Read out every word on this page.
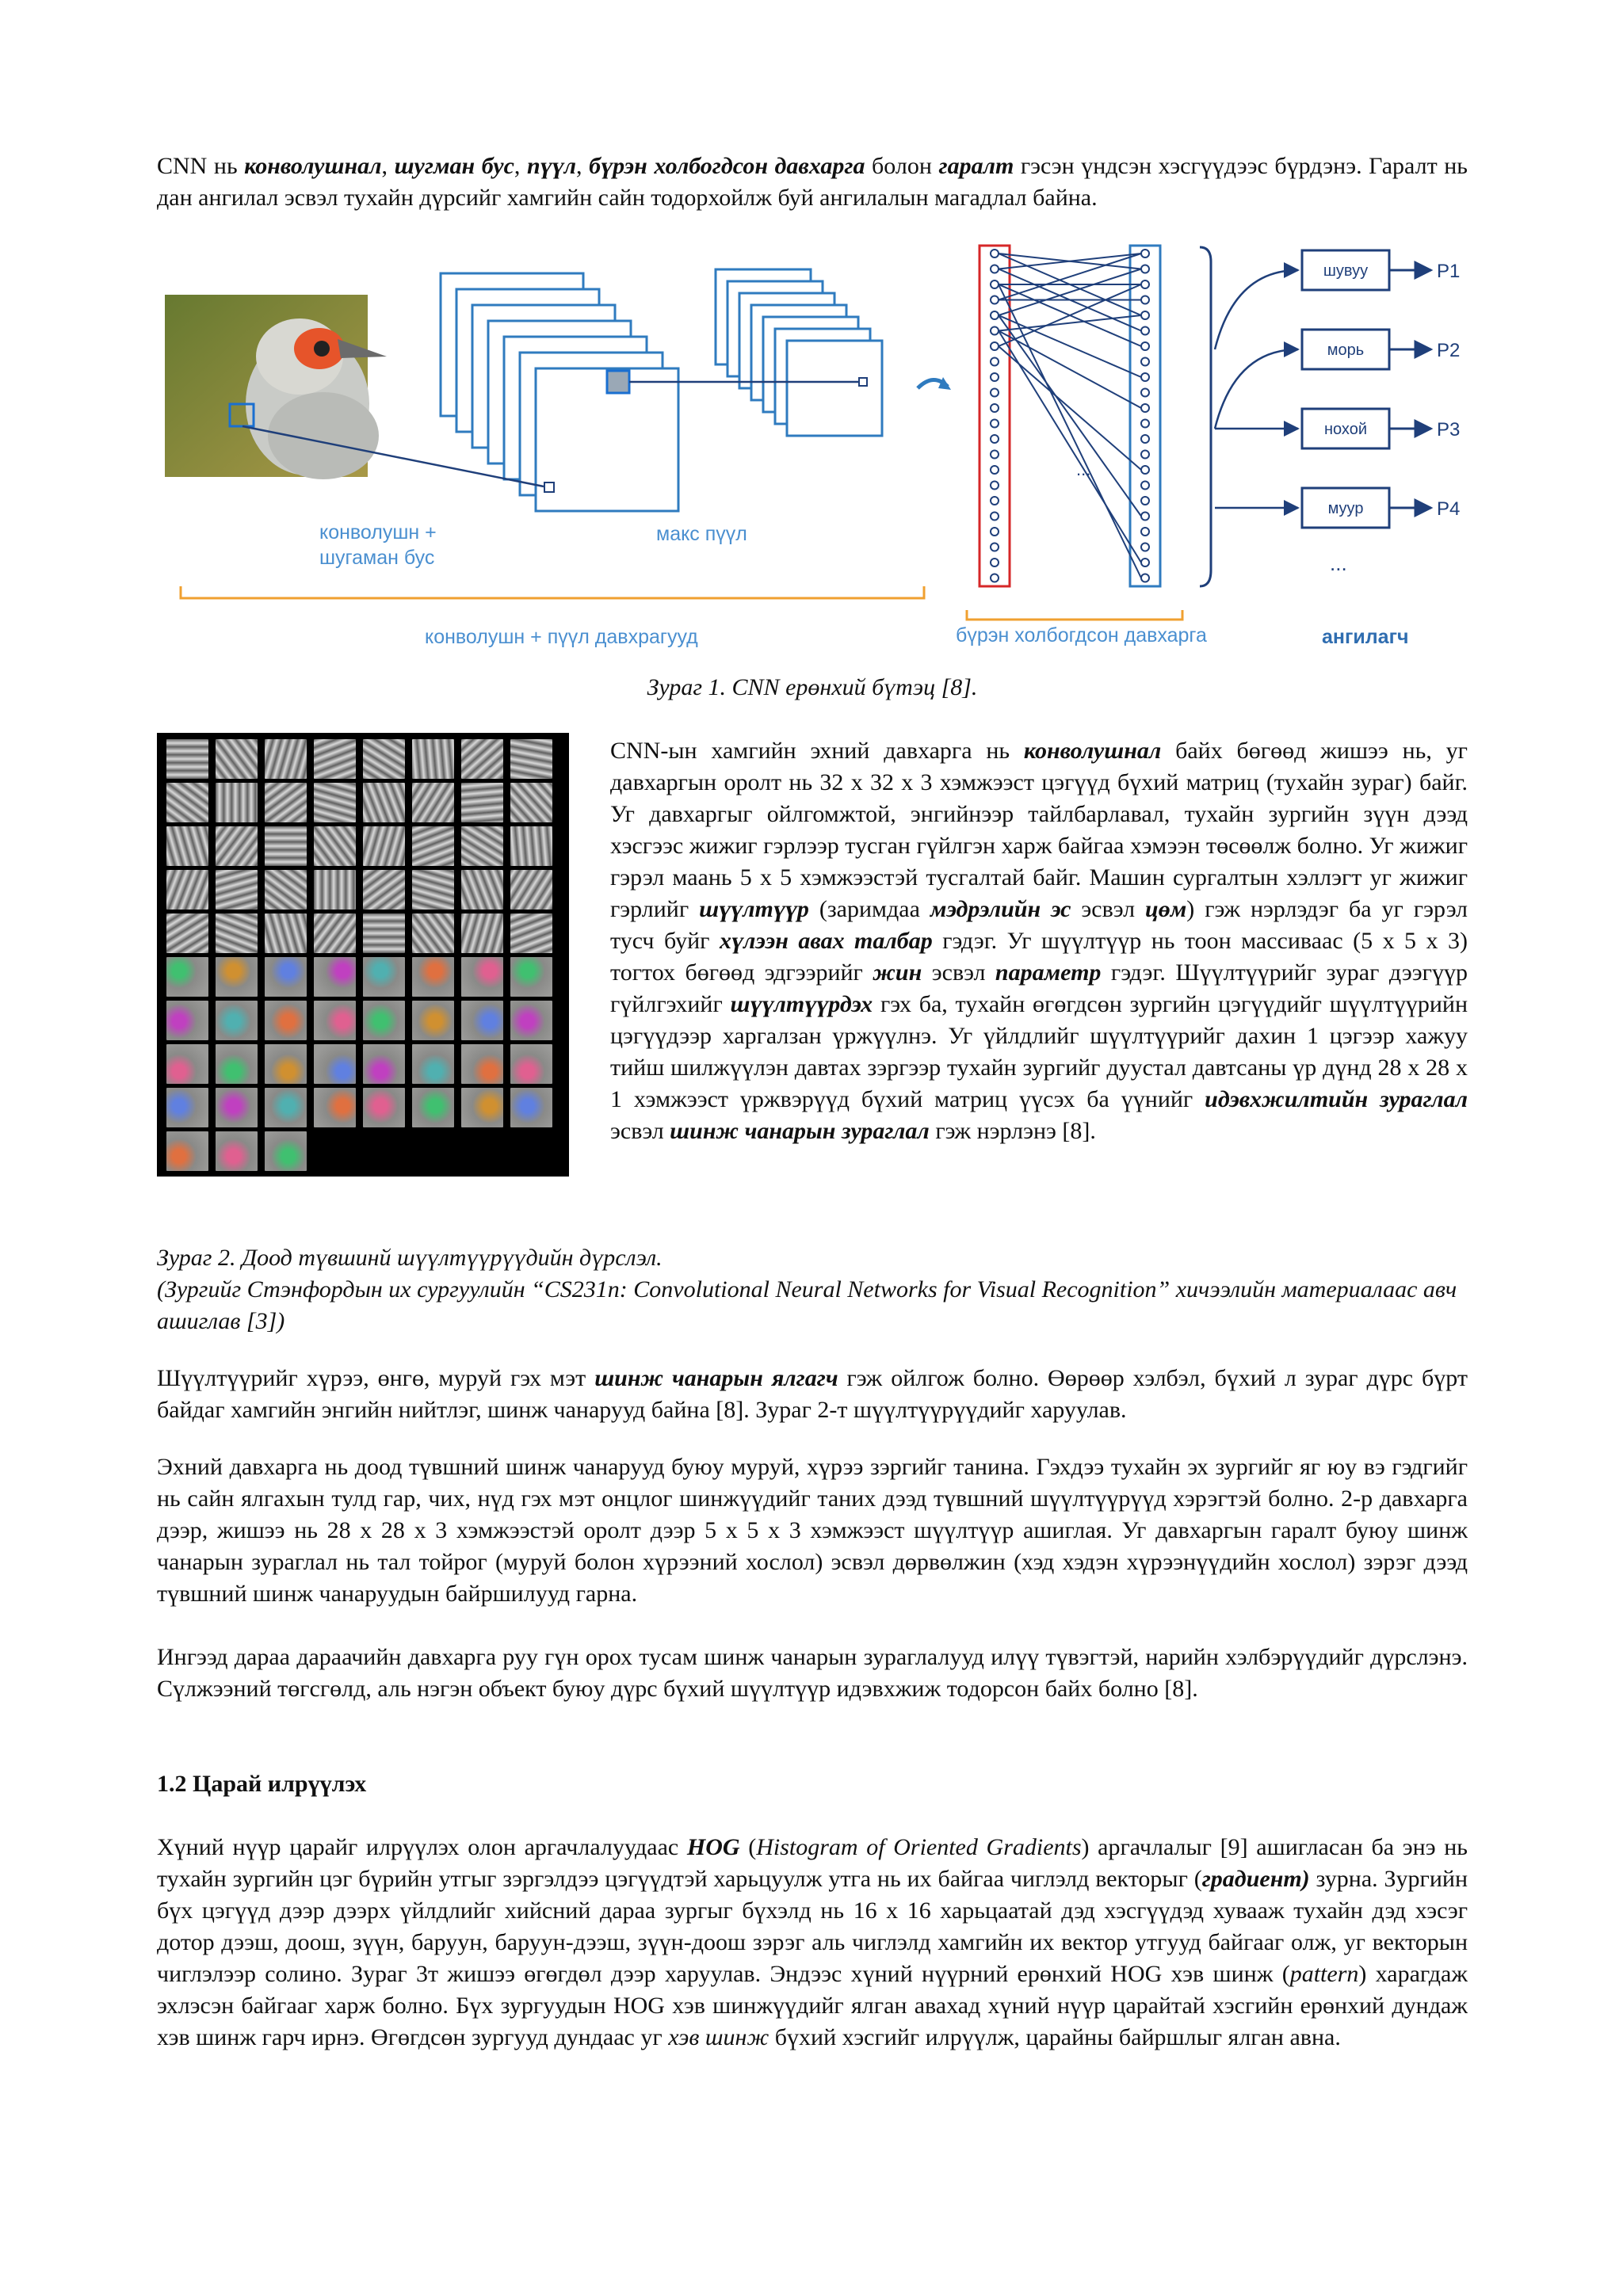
CNN нь конволушнал, шугман бус, пүүл, бүрэн холбогдсон давхарга болон гаралт гэсэн үндсэн хэсгүүдээс бүрдэнэ. Гаралт нь дан ангилал эсвэл тухайн дүрсийг хамгийн сайн тодорхойлж буй ангилалын магадлал байна.

...
шувуу
морь
нохой
муур
P1
P2
P3
P4
...
конволушн +
шугаман бус
макс пүүл
конволушн + пүүл давхрагууд	бүрэн холбогдсон давхарга	ангилагч

Зураг 1. CNN ерөнхий бүтэц [8].

CNN-ын хамгийн эхний давхарга нь конволушнал байх бөгөөд жишээ нь, уг давхаргын оролт нь 32 x 32 x 3 хэмжээст цэгүүд бүхий матриц (тухайн зураг) байг. Уг давхаргыг ойлгомжтой, энгийнээр тайлбарлавал, тухайн зургийн зүүн дээд хэсгээс жижиг гэрлээр тусган гүйлгэн харж байгаа хэмээн төсөөлж болно. Уг жижиг гэрэл маань 5 x 5 хэмжээстэй тусгалтай байг. Машин сургалтын хэллэгт уг жижиг гэрлийг шүүлтүүр (заримдаа мэдрэлийн эс эсвэл цөм) гэж нэрлэдэг ба уг гэрэл тусч буйг хүлээн авах талбар гэдэг. Уг шүүлтүүр нь тоон массиваас (5 x 5 x 3) тогтох бөгөөд эдгээрийг жин эсвэл параметр гэдэг. Шүүлтүүрийг зураг дээгүүр гүйлгэхийг шүүлтүүрдэх гэх ба, тухайн өгөгдсөн зургийн цэгүүдийг шүүлтүүрийн цэгүүдээр харгалзан үржүүлнэ. Уг үйлдлийг шүүлтүүрийг дахин 1 цэгээр хажуу тийш шилжүүлэн давтах зэргээр тухайн зургийг дуустал давтсаны үр дүнд 28 x 28 x 1 хэмжээст үржвэрүүд бүхий матриц үүсэх ба үүнийг идэвхжилтийн зураглал эсвэл шинж чанарын зураглал гэж нэрлэнэ [8].

Зураг 2. Доод түвшинй шүүлтүүрүүдийн дүрслэл.

(Зургийг Стэнфордын их сургуулийн “CS231n: Convolutional Neural Networks for Visual Recognition” хичээлийн материалаас авч ашиглав [3])

Шүүлтүүрийг хүрээ, өнгө, муруй гэх мэт шинж чанарын ялгагч гэж ойлгож болно. Өөрөөр хэлбэл, бүхий л зураг дүрс бүрт байдаг хамгийн энгийн нийтлэг, шинж чанарууд байна [8]. Зураг 2-т шүүлтүүрүүдийг харуулав.

Эхний давхарга нь доод түвшний шинж чанарууд буюу муруй, хүрээ зэргийг танина. Гэхдээ тухайн эх зургийг яг юу вэ гэдгийг нь сайн ялгахын тулд гар, чих, нүд гэх мэт онцлог шинжүүдийг таних дээд түвшний шүүлтүүрүүд хэрэгтэй болно. 2-р давхарга дээр, жишээ нь 28 x 28 x 3 хэмжээстэй оролт дээр 5 x 5 x 3 хэмжээст шүүлтүүр ашиглая. Уг давхаргын гаралт буюу шинж чанарын зураглал нь тал тойрог (муруй болон хүрээний хослол) эсвэл дөрвөлжин (хэд хэдэн хүрээнүүдийн хослол) зэрэг дээд түвшний шинж чанаруудын байршилууд гарна.

Ингээд дараа дараачийн давхарга руу гүн орох тусам шинж чанарын зураглалууд илүү түвэгтэй, нарийн хэлбэрүүдийг дүрслэнэ. Сүлжээний төгсгөлд, аль нэгэн объект буюу дүрс бүхий шүүлтүүр идэвхжиж тодорсон байх болно [8].

1.2 Царай илрүүлэх

Хүний нүүр царайг илрүүлэх олон аргачлалуудаас HOG (Histogram of Oriented Gradients) аргачлалыг [9] ашигласан ба энэ нь тухайн зургийн цэг бүрийн утгыг зэргэлдээ цэгүүдтэй харьцуулж утга нь их байгаа чиглэлд векторыг (градиент) зурна. Зургийн бүх цэгүүд дээр дээрх үйлдлийг хийсний дараа зургыг бүхэлд нь 16 x 16 харьцаатай дэд хэсгүүдэд хувааж тухайн дэд хэсэг дотор дээш, доош, зүүн, баруун, баруун-дээш, зүүн-доош зэрэг аль чиглэлд хамгийн их вектор утгууд байгааг олж, уг векторын чиглэлээр солино. Зураг 3т жишээ өгөгдөл дээр харуулав. Эндээс хүний нүүрний ерөнхий HOG хэв шинж (pattern) харагдаж эхлэсэн байгааг харж болно. Бүх зургуудын HOG хэв шинжүүдийг ялган авахад хүний нүүр царайтай хэсгийн ерөнхий дундаж хэв шинж гарч ирнэ. Өгөгдсөн зургууд дундаас уг хэв шинж бүхий хэсгийг илрүүлж, царайны байршлыг ялган авна.
